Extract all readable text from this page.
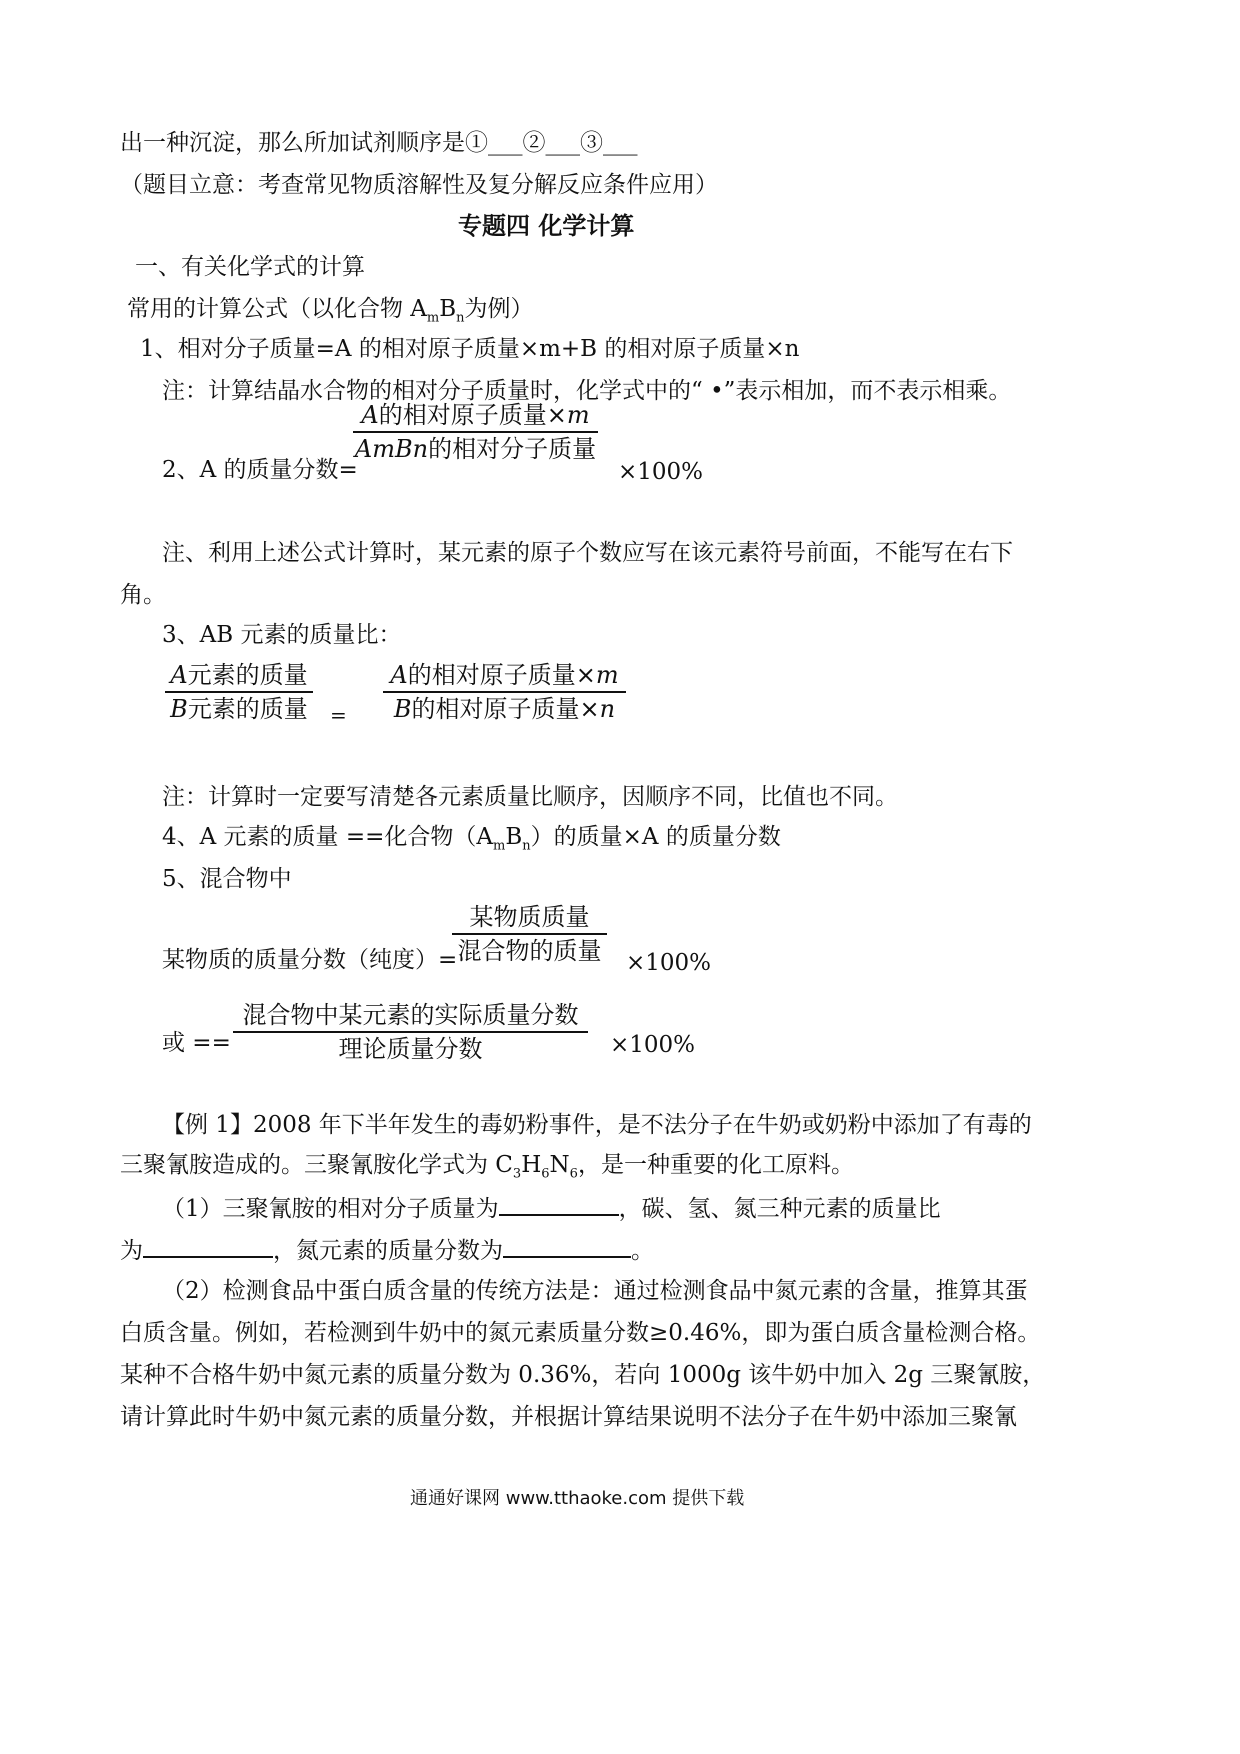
出一种沉淀，那么所加试剂顺序是①___②___③___
（题目立意：考查常见物质溶解性及复分解反应条件应用）
专题四 化学计算
一、有关化学式的计算
常用的计算公式（以化合物 $A_mB_n$为例）
1、相对分子质量=A 的相对原子质量×m+B 的相对原子质量×n
注：计算结晶水合物的相对分子质量时，化学式中的“ •”表示相加，而不表示相乘。
A的相对原子质量×m
AmBn的相对分子质量
2、A 的质量分数=	×100%
注、利用上述公式计算时，某元素的原子个数应写在该元素符号前面，不能写在右下
角。
3、AB 元素的质量比：
A元素的质量
B元素的质量 =
A的相对原子质量×m
B的相对原子质量×n
注：计算时一定要写清楚各元素质量比顺序，因顺序不同，比值也不同。
4、A 元素的质量 ==化合物$(A_mB_n)$的质量×A 的质量分数
5、混合物中
某物质质量
混合物的质量
某物质的质量分数（纯度）=	×100%
混合物中某元素的实际质量分数
理论质量分数
或 ==	×100%
【例 1】2008 年下半年发生的毒奶粉事件，是不法分子在牛奶或奶粉中添加了有毒的
三聚氰胺造成的。三聚氰胺化学式为 $C_3H_6N_6$，是一种重要的化工原料。
（1）三聚氰胺的相对分子质量为	，碳、氢、氮三种元素的质量比
为	，氮元素的质量分数为	。
（2）检测食品中蛋白质含量的传统方法是：通过检测食品中氮元素的含量，推算其蛋
白质含量。例如，若检测到牛奶中的氮元素质量分数≥0.46%，即为蛋白质含量检测合格。
某种不合格牛奶中氮元素的质量分数为 0.36%，若向 1000g 该牛奶中加入 2g 三聚氰胺，
请计算此时牛奶中氮元素的质量分数，并根据计算结果说明不法分子在牛奶中添加三聚氰
通通好课网 www.tthaoke.com 提供下载
